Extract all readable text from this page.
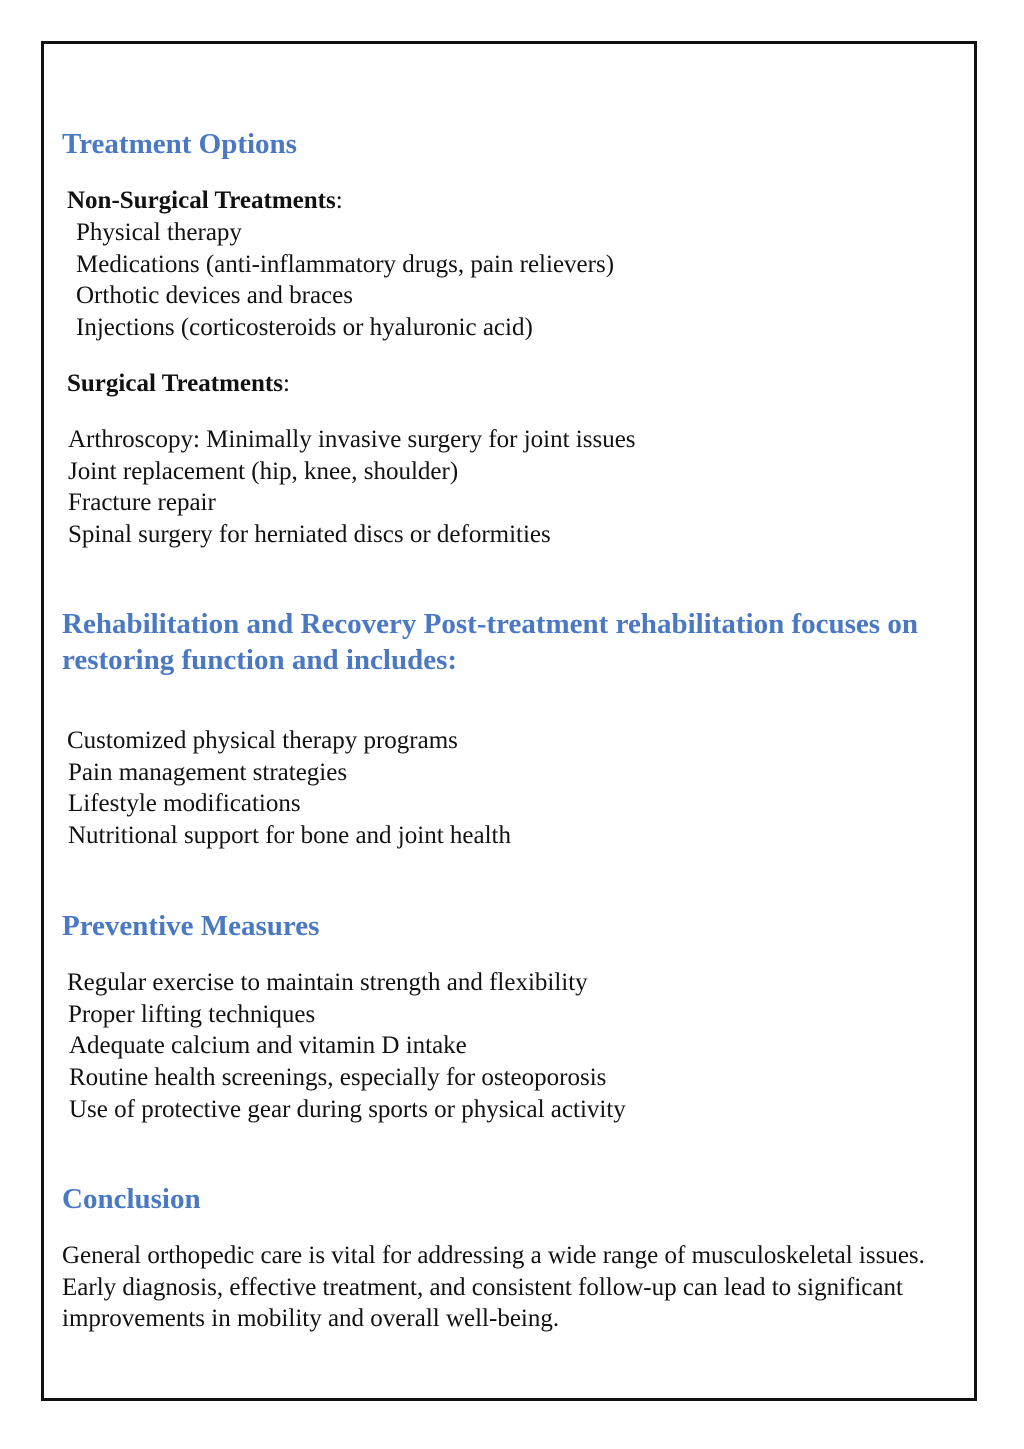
Treatment Options
Non-Surgical Treatments:
Physical therapy
Medications (anti-inflammatory drugs, pain relievers)
Orthotic devices and braces
Injections (corticosteroids or hyaluronic acid)
Surgical Treatments:
Arthroscopy: Minimally invasive surgery for joint issues
Joint replacement (hip, knee, shoulder)
Fracture repair
Spinal surgery for herniated discs or deformities
Rehabilitation and Recovery Post-treatment rehabilitation focuses on restoring function and includes:
Customized physical therapy programs
Pain management strategies
Lifestyle modifications
Nutritional support for bone and joint health
Preventive Measures
Regular exercise to maintain strength and flexibility
Proper lifting techniques
Adequate calcium and vitamin D intake
Routine health screenings, especially for osteoporosis
Use of protective gear during sports or physical activity
Conclusion

General orthopedic care is vital for addressing a wide range of musculoskeletal issues. Early diagnosis, effective treatment, and consistent follow-up can lead to significant improvements in mobility and overall well-being.
